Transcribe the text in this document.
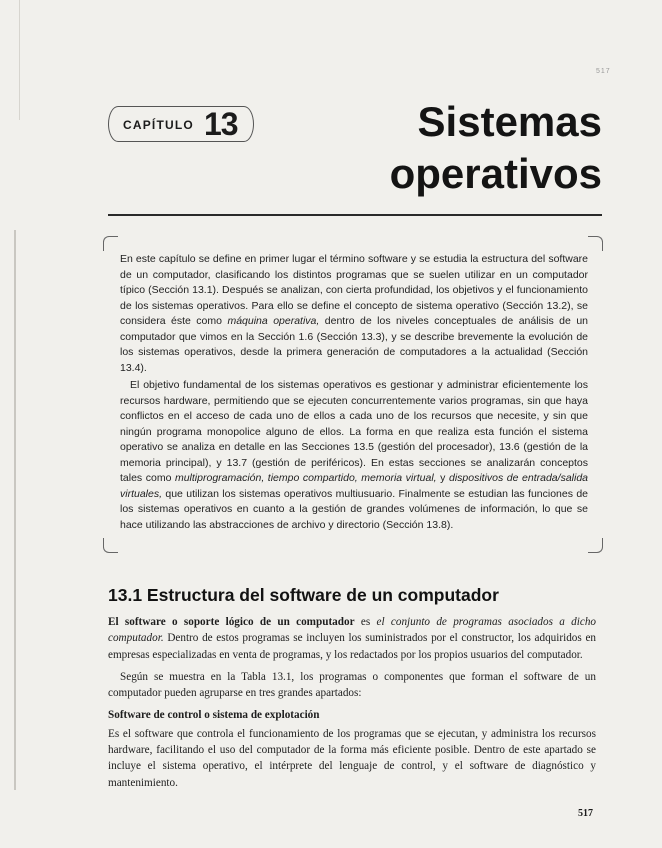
517
CAPÍTULO 13	Sistemas
operativos

En este capítulo se define en primer lugar el término software y se estudia la estructura del software de un computador, clasificando los distintos programas que se suelen utilizar en un computador típico (Sección 13.1). Después se analizan, con cierta profundidad, los objetivos y el funcionamiento de los sistemas operativos. Para ello se define el concepto de sistema operativo (Sección 13.2), se considera éste como máquina operativa, dentro de los niveles conceptuales de análisis de un computador que vimos en la Sección 1.6 (Sección 13.3), y se describe brevemente la evolución de los sistemas operativos, desde la primera generación de computadores a la actualidad (Sección 13.4).

El objetivo fundamental de los sistemas operativos es gestionar y administrar eficientemente los recursos hardware, permitiendo que se ejecuten concurrentemente varios programas, sin que haya conflictos en el acceso de cada uno de ellos a cada uno de los recursos que necesite, y sin que ningún programa monopolice alguno de ellos. La forma en que realiza esta función el sistema operativo se analiza en detalle en las Secciones 13.5 (gestión del procesador), 13.6 (gestión de la memoria principal), y 13.7 (gestión de periféricos). En estas secciones se analizarán conceptos tales como multiprogramación, tiempo compartido, memoria virtual, y dispositivos de entrada/salida virtuales, que utilizan los sistemas operativos multiusuario. Finalmente se estudian las funciones de los sistemas operativos en cuanto a la gestión de grandes volúmenes de información, lo que se hace utilizando las abstracciones de archivo y directorio (Sección 13.8).

13.1 Estructura del software de un computador

El software o soporte lógico de un computador es el conjunto de programas asociados a dicho computador. Dentro de estos programas se incluyen los suministrados por el constructor, los adquiridos en empresas especializadas en venta de programas, y los redactados por los propios usuarios del computador.

Según se muestra en la Tabla 13.1, los programas o componentes que forman el software de un computador pueden agruparse en tres grandes apartados:

Software de control o sistema de explotación

Es el software que controla el funcionamiento de los programas que se ejecutan, y administra los recursos hardware, facilitando el uso del computador de la forma más eficiente posible. Dentro de este apartado se incluye el sistema operativo, el intérprete del lenguaje de control, y el software de diagnóstico y mantenimiento.

517
